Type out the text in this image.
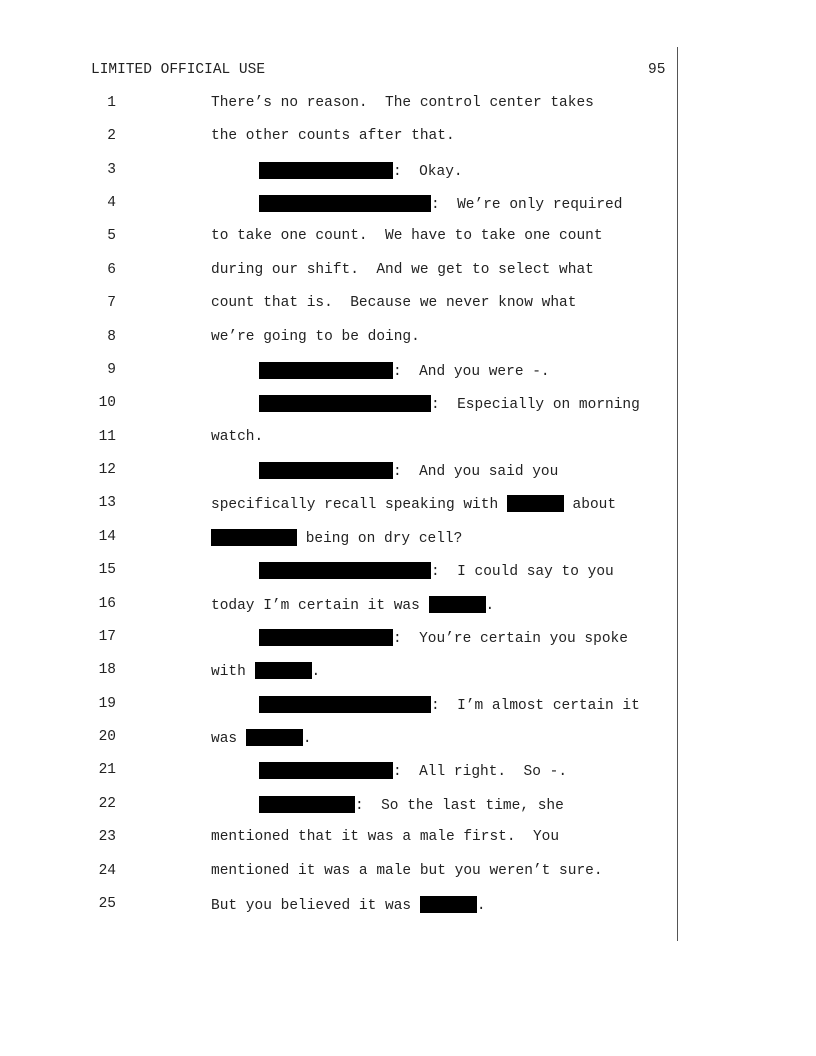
LIMITED OFFICIAL USE	95
1	There’s no reason.  The control center takes
2	the other counts after that.
3	:  Okay.
4	:  We’re only required
5	to take one count.  We have to take one count
6	during our shift.  And we get to select what
7	count that is.  Because we never know what
8	we’re going to be doing.
9	:  And you were -.
10	:  Especially on morning
11	watch.
12	:  And you said you
13	specifically recall speaking with	about
14	being on dry cell?
15	:  I could say to you
16	today I’m certain it was	.
17	:  You’re certain you spoke
18	with	.
19	:  I’m almost certain it
20	was	.
21	:  All right.  So -.
22	:  So the last time, she
23	mentioned that it was a male first.  You
24	mentioned it was a male but you weren’t sure.
25	But you believed it was	.
